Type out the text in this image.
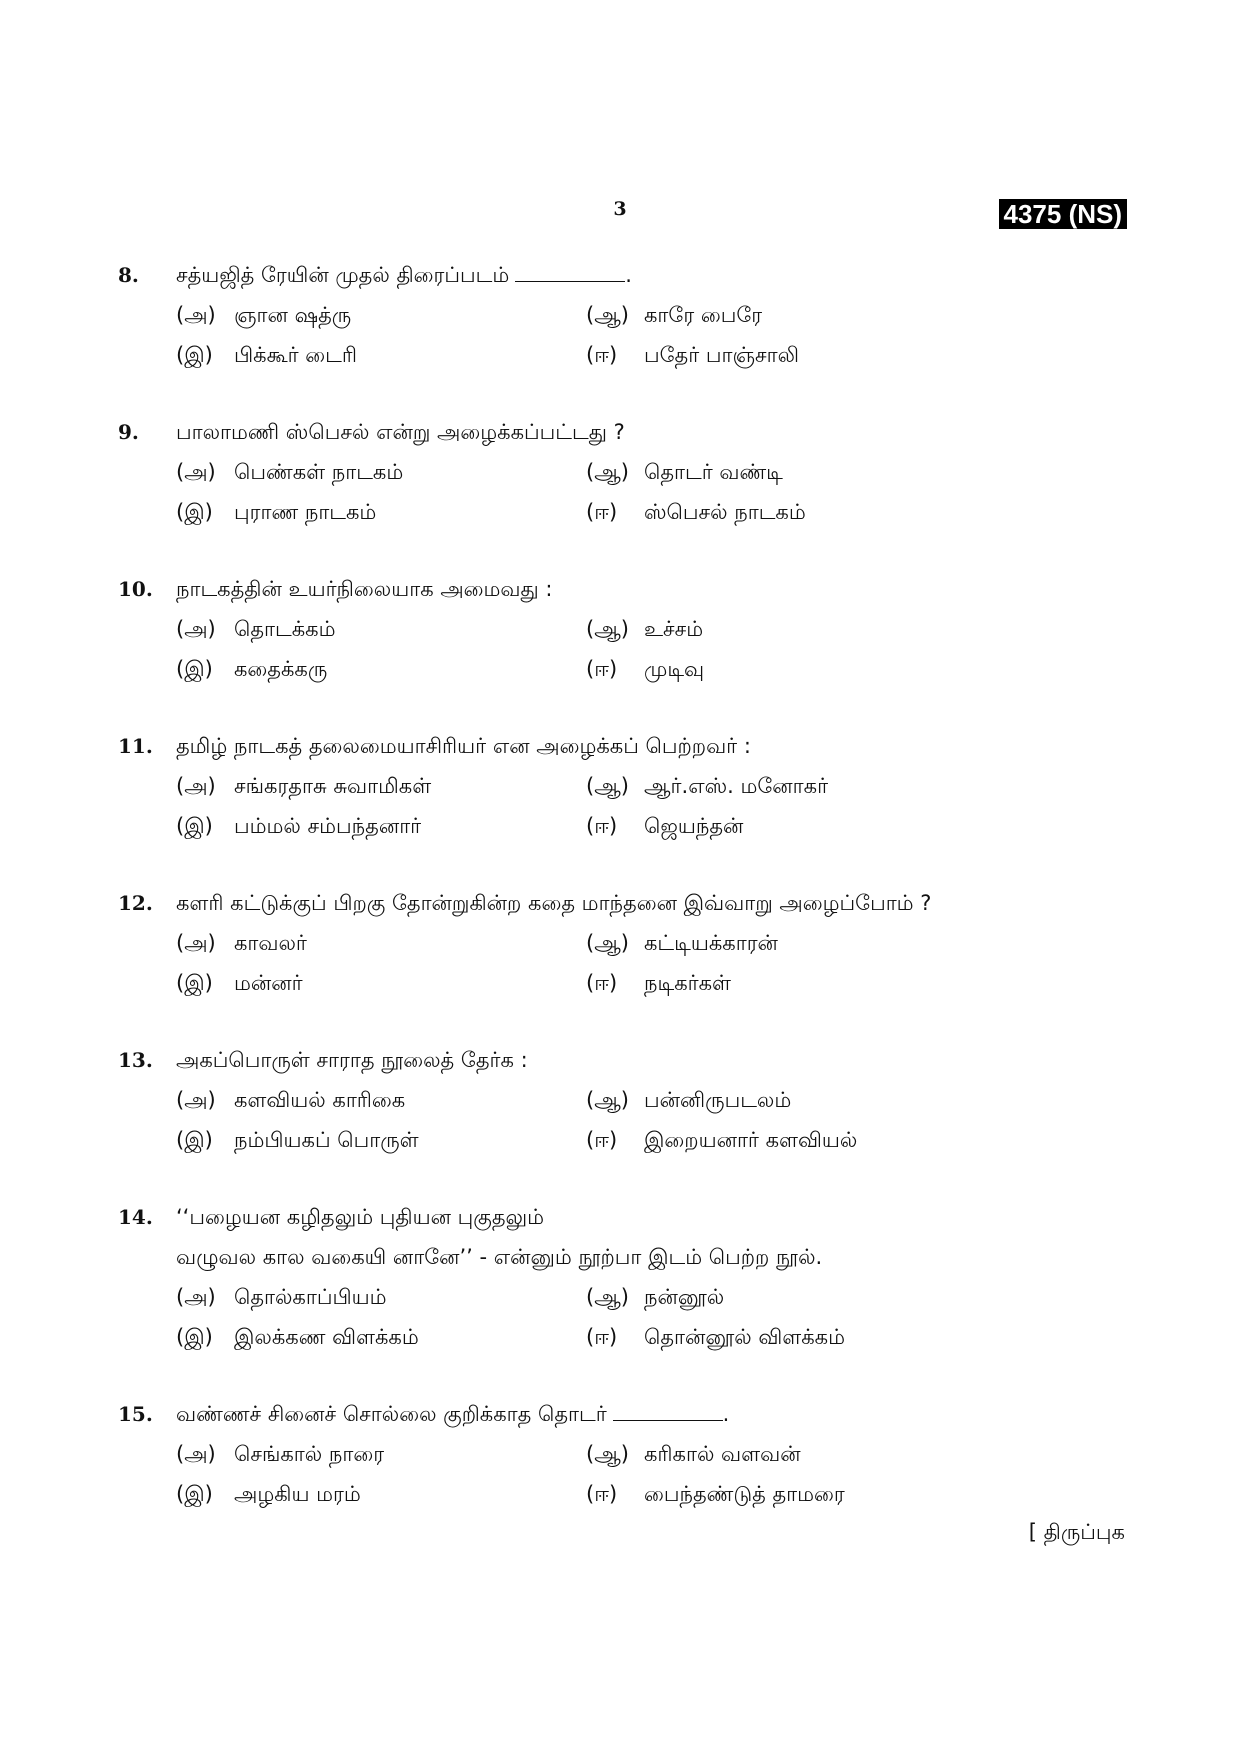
3	4375 (NS)
8.	சத்யஜித் ரேயின் முதல் திரைப்படம்	.
(அ) ஞான ஷத்ரு	(ஆ) காரே பைரே
(இ) பிக்கூர் டைரி	(ஈ) பதேர் பாஞ்சாலி
9.	பாலாமணி ஸ்பெசல் என்று அழைக்கப்பட்டது ?
(அ) பெண்கள் நாடகம்	(ஆ) தொடர் வண்டி
(இ) புராண நாடகம்	(ஈ) ஸ்பெசல் நாடகம்
10.	நாடகத்தின் உயர்நிலையாக அமைவது :
(அ) தொடக்கம்	(ஆ) உச்சம்
(இ) கதைக்கரு	(ஈ) முடிவு
11.	தமிழ் நாடகத் தலைமையாசிரியர் என அழைக்கப் பெற்றவர் :
(அ) சங்கரதாசு சுவாமிகள்	(ஆ) ஆர்.எஸ். மனோகர்
(இ) பம்மல் சம்பந்தனார்	(ஈ) ஜெயந்தன்
12.	களரி கட்டுக்குப் பிறகு தோன்றுகின்ற கதை மாந்தனை இவ்வாறு அழைப்போம் ?
(அ) காவலர்	(ஆ) கட்டியக்காரன்
(இ) மன்னர்	(ஈ) நடிகர்கள்
13.	அகப்பொருள் சாராத நூலைத் தேர்க :
(அ) களவியல் காரிகை	(ஆ) பன்னிருபடலம்
(இ) நம்பியகப் பொருள்	(ஈ) இறையனார் களவியல்
14.	‘‘பழையன கழிதலும் புதியன புகுதலும்
வழுவல கால வகையி னானே’’ - என்னும் நூற்பா இடம் பெற்ற நூல்.
(அ) தொல்காப்பியம்	(ஆ) நன்னூல்
(இ) இலக்கண விளக்கம்	(ஈ) தொன்னூல் விளக்கம்
15.	வண்ணச் சினைச் சொல்லை குறிக்காத தொடர்	.
(அ) செங்கால் நாரை	(ஆ) கரிகால் வளவன்
(இ) அழகிய மரம்	(ஈ) பைந்தண்டுத் தாமரை
[ திருப்புக
